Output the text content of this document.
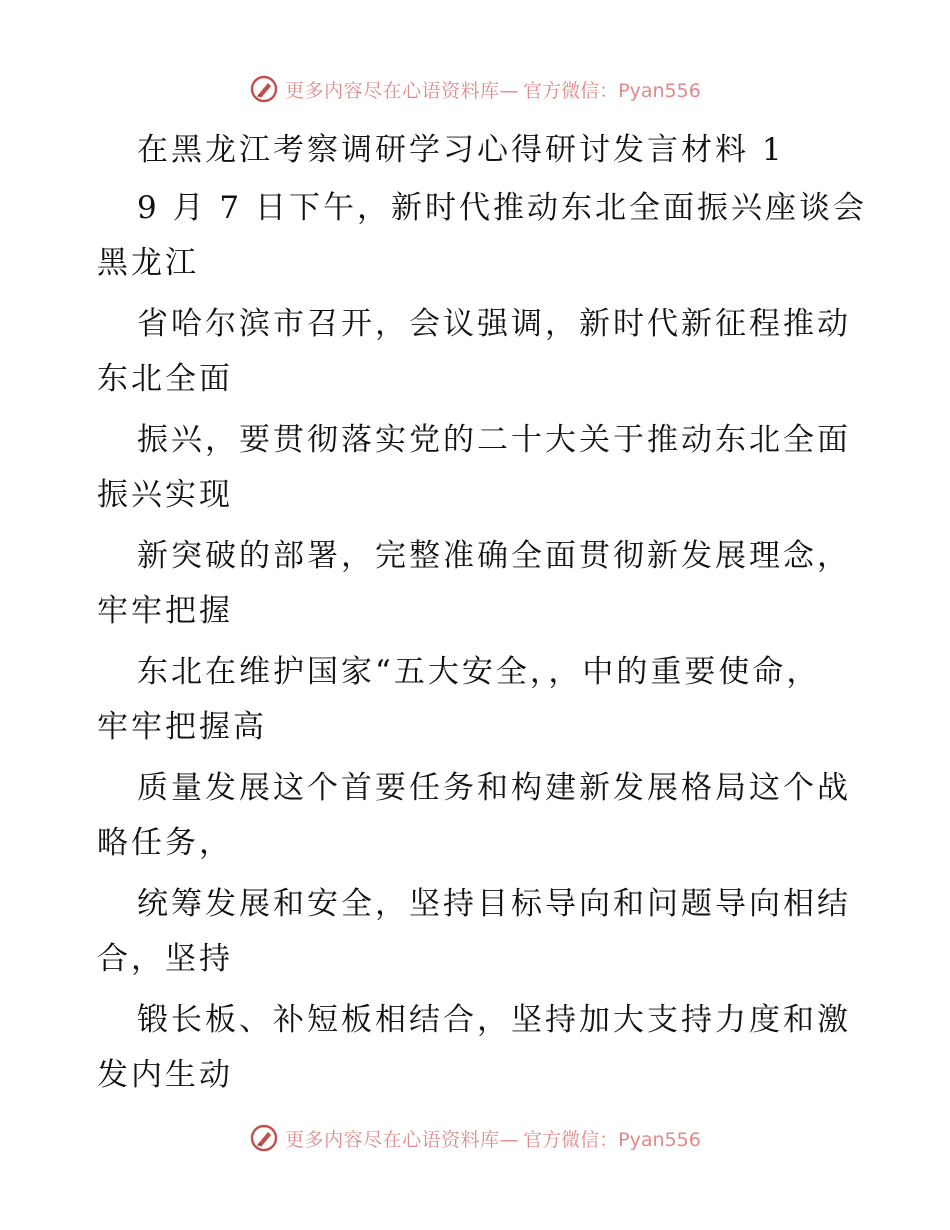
更多内容尽在心语资料库— 官方微信：Pyan556
在黑龙江考察调研学习心得研讨发言材料 1
9 月 7 日下午，新时代推动东北全面振兴座谈会
黑龙江
省哈尔滨市召开，会议强调，新时代新征程推动
东北全面
振兴，要贯彻落实党的二十大关于推动东北全面
振兴实现
新突破的部署，完整准确全面贯彻新发展理念，
牢牢把握
东北在维护国家“五大安全，，中的重要使命，
牢牢把握高
质量发展这个首要任务和构建新发展格局这个战
略任务，
统筹发展和安全，坚持目标导向和问题导向相结
合，坚持
锻长板、补短板相结合，坚持加大支持力度和激
发内生动
更多内容尽在心语资料库— 官方微信：Pyan556
